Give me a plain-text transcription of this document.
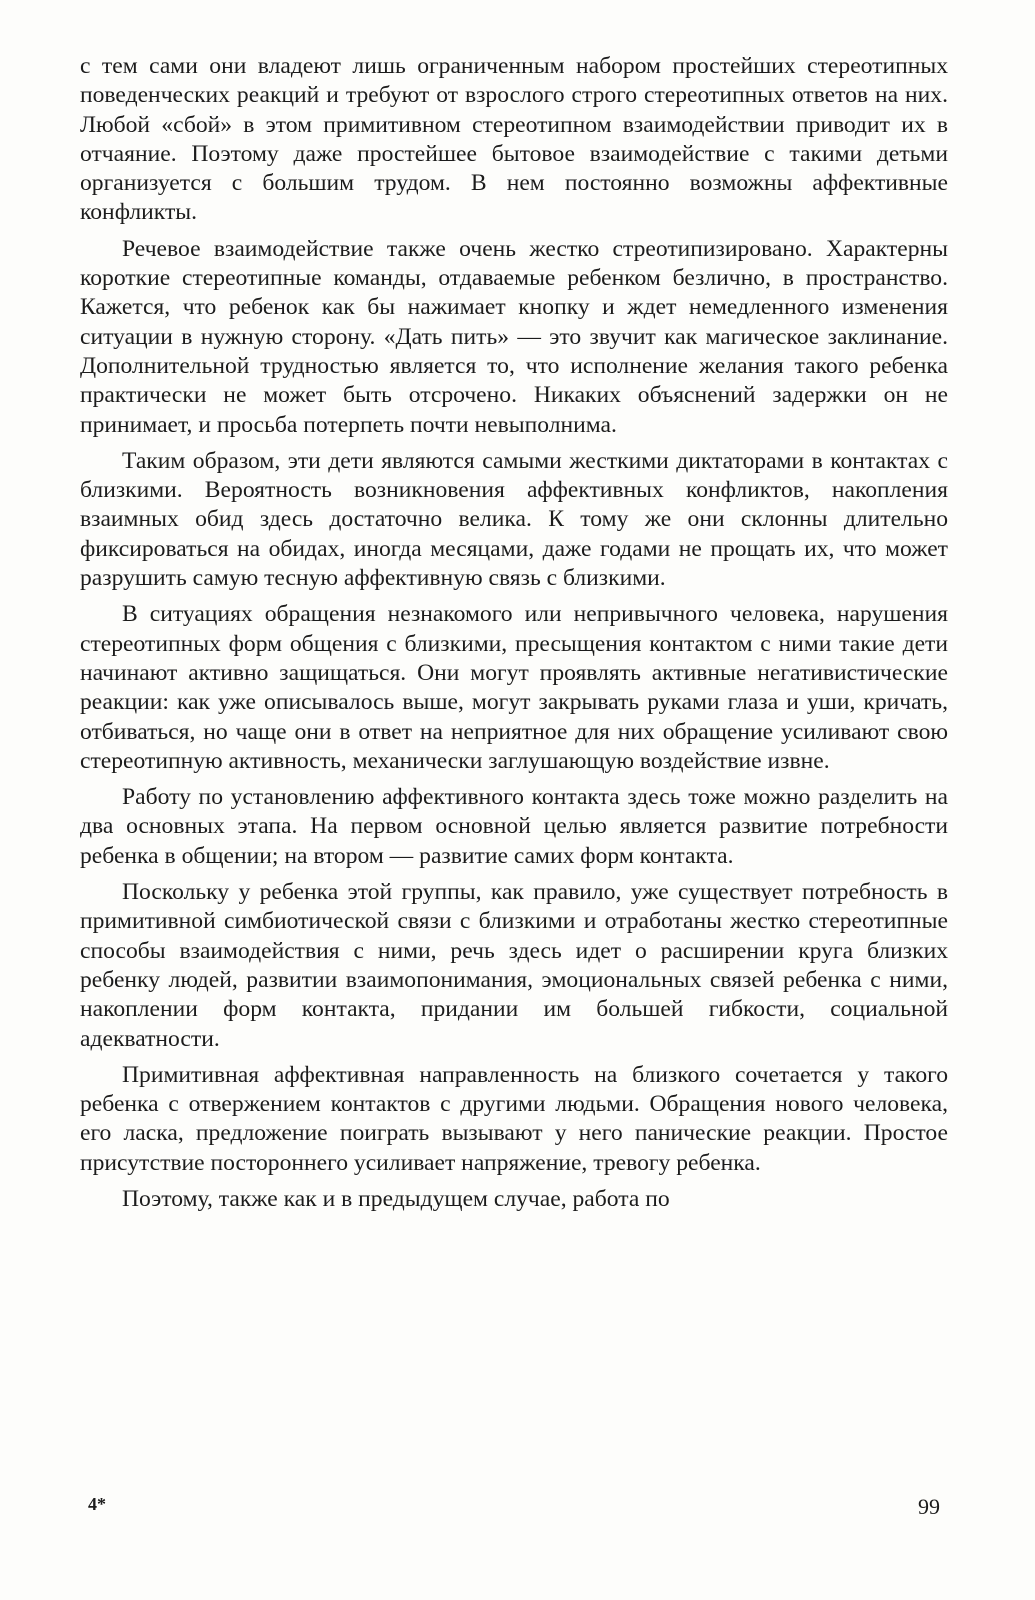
с тем сами они владеют лишь ограниченным набором простейших стереотипных поведенческих реакций и требуют от взрослого строго стереотипных ответов на них. Любой «сбой» в этом примитивном стереотипном взаимодействии приводит их в отчаяние. Поэтому даже простейшее бытовое взаимодействие с такими детьми организуется с большим трудом. В нем постоянно возможны аффективные конфликты.

Речевое взаимодействие также очень жестко стреотипизировано. Характерны короткие стереотипные команды, отдаваемые ребенком безлично, в пространство. Кажется, что ребенок как бы нажимает кнопку и ждет немедленного изменения ситуации в нужную сторону. «Дать пить» — это звучит как магическое заклинание. Дополнительной трудностью является то, что исполнение желания такого ребенка практически не может быть отсрочено. Никаких объяснений задержки он не принимает, и просьба потерпеть почти невыполнима.

Таким образом, эти дети являются самыми жесткими диктаторами в контактах с близкими. Вероятность возникновения аффективных конфликтов, накопления взаимных обид здесь достаточно велика. К тому же они склонны длительно фиксироваться на обидах, иногда месяцами, даже годами не прощать их, что может разрушить самую тесную аффективную связь с близкими.

В ситуациях обращения незнакомого или непривычного человека, нарушения стереотипных форм общения с близкими, пресыщения контактом с ними такие дети начинают активно защищаться. Они могут проявлять активные негативистические реакции: как уже описывалось выше, могут закрывать руками глаза и уши, кричать, отбиваться, но чаще они в ответ на неприятное для них обращение усиливают свою стереотипную активность, механически заглушающую воздействие извне.

Работу по установлению аффективного контакта здесь тоже можно разделить на два основных этапа. На первом основной целью является развитие потребности ребенка в общении; на втором — развитие самих форм контакта.

Поскольку у ребенка этой группы, как правило, уже существует потребность в примитивной симбиотической связи с близкими и отработаны жестко стереотипные способы взаимодействия с ними, речь здесь идет о расширении круга близких ребенку людей, развитии взаимопонимания, эмоциональных связей ребенка с ними, накоплении форм контакта, придании им большей гибкости, социальной адекватности.

Примитивная аффективная направленность на близкого сочетается у такого ребенка с отвержением контактов с другими людьми. Обращения нового человека, его ласка, предложение поиграть вызывают у него панические реакции. Простое присутствие постороннего усиливает напряжение, тревогу ребенка.

Поэтому, также как и в предыдущем случае, работа по

4*	99
